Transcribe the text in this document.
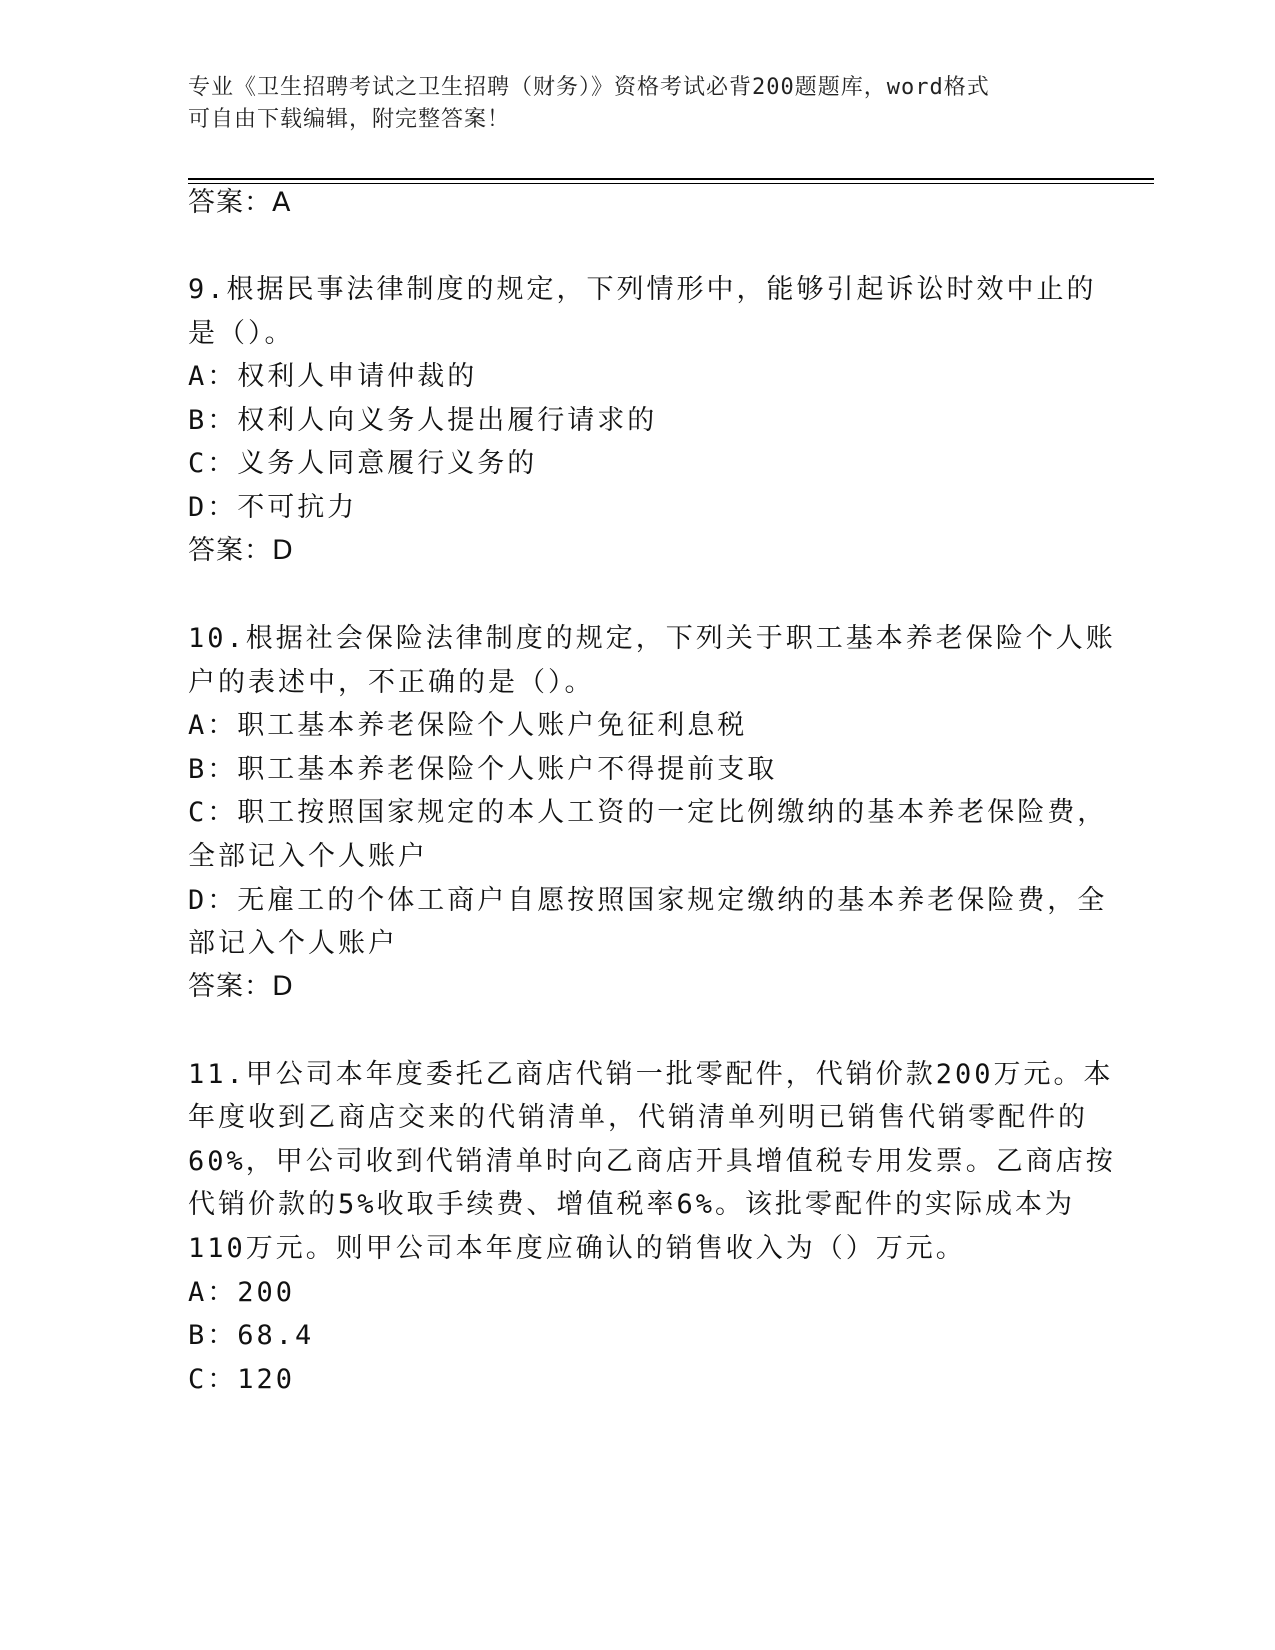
专业《卫生招聘考试之卫生招聘（财务）》资格考试必背200题题库，word格式
可自由下载编辑，附完整答案！
答案：A
9.根据民事法律制度的规定，下列情形中，能够引起诉讼时效中止的
是（）。
A：权利人申请仲裁的
B：权利人向义务人提出履行请求的
C：义务人同意履行义务的
D：不可抗力
答案：D
10.根据社会保险法律制度的规定，下列关于职工基本养老保险个人账
户的表述中，不正确的是（）。
A：职工基本养老保险个人账户免征利息税
B：职工基本养老保险个人账户不得提前支取
C：职工按照国家规定的本人工资的一定比例缴纳的基本养老保险费，
全部记入个人账户
D：无雇工的个体工商户自愿按照国家规定缴纳的基本养老保险费，全
部记入个人账户
答案：D
11.甲公司本年度委托乙商店代销一批零配件，代销价款200万元。本
年度收到乙商店交来的代销清单，代销清单列明已销售代销零配件的
60%，甲公司收到代销清单时向乙商店开具增值税专用发票。乙商店按
代销价款的5%收取手续费、增值税率6%。该批零配件的实际成本为
110万元。则甲公司本年度应确认的销售收入为（）万元。
A：200
B：68.4
C：120
